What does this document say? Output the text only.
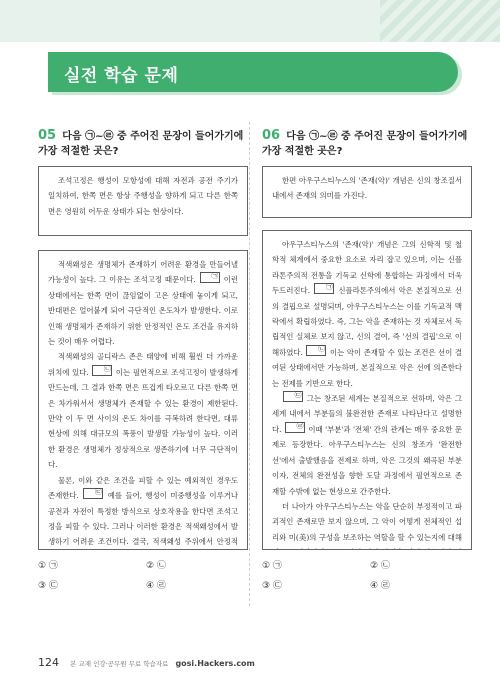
실전 학습 문제
05 다음 ㉠~㉣ 중 주어진 문장이 들어가기에 가장 적절한 곳은?

조석고정은 행성이 모항성에 대해 자전과 공전 주기가 일치하여, 한쪽 면은 항상 주행성을 향하게 되고 다른 한쪽 면은 영원히 어두운 상태가 되는 현상이다.

적색왜성은 생명체가 존재하기 어려운 환경을 만들어낼 가능성이 높다. 그 이유는 조석고정 때문이다.	㉠ 이런 상태에서는 한쪽 면이 끊임없이 고온 상태에 놓이게 되고, 반대편은 얼어붙게 되어 극단적인 온도차가 발생한다. 이로 인해 생명체가 존재하기 위한 안정적인 온도 조건을 유지하는 것이 매우 어렵다.

적색왜성의 골디락스 존은 태양에 비해 훨씬 더 가까운 위치에 있다.	㉡ 이는 필연적으로 조석고정이 발생하게 만드는데, 그 결과 한쪽 면은 뜨겁게 타오르고 다른 한쪽 면은 차가워서서 생명체가 존재할 수 있는 환경이 제한된다. 만약 이 두 면 사이의 온도 차이를 극복하려 한다면, 대류 현상에 의해 대규모의 폭풍이 발생할 가능성이 높다. 이러한 환경은 생명체가 정상적으로 생존하기에 너무 극단적이다.

물론, 이와 같은 조건을 피할 수 있는 예외적인 경우도 존재한다.	㉢ 예를 들어, 행성이 미중행성을 이루거나 공전과 자전이 특정한 방식으로 상호작용을 한다면 조석고정을 피할 수 있다. 그러나 이러한 환경은 적색왜성에서 발생하기 어려운 조건이다. 결국, 적색왜성 주위에서 안정적

① ㉠	② ㉡
③ ㉢	④ ㉣
06 다음 ㉠~㉣ 중 주어진 문장이 들어가기에 가장 적절한 곳은?

한편 아우구스티누스의 '존재(악)' 개념은 신의 창조질서 내에서 존재의 의미를 가진다.

아우구스티누스의 '존재(악)' 개념은 그의 신학적 및 철학적 체계에서 중요한 요소로 자리 잡고 있으며, 이는 신플라톤주의적 전통을 기독교 신학에 통합하는 과정에서 더욱 두드러진다.	㉠ 신플라톤주의에서 악은 본질적으로 선의 결핍으로 설명되며, 아우구스티누스는 이를 기독교적 맥락에서 확립하였다. 즉, 그는 악을 존재하는 것 자체로서 독립적인 실체로 보지 않고, 신의 결여, 즉 '선의 결핍'으로 이해하였다.	㉡ 이는 악이 존재할 수 있는 조건은 선이 결여된 상태에서만 가능하며, 본질적으로 악은 선에 의존한다는 전제를 기반으로 한다.

㉢ 그는 창조된 세계는 본질적으로 선하며, 악은 그 세계 내에서 부분들의 불완전한 존재로 나타난다고 설명한다.	㉣ 이때 '부분'과 '전체' 간의 관계는 매우 중요한 문제로 등장한다. 아우구스티누스는 신의 창조가 '완전한 선'에서 출발했음을 전제로 하며, 악은 그것의 왜곡된 부분이자, 전체의 완전성을 향한 도달 과정에서 필연적으로 존재할 수밖에 없는 현상으로 간주한다.

더 나아가 아우구스티누스는 악을 단순히 부정적이고 파괴적인 존재로만 보지 않으며, 그 악이 어떻게 전체적인 섭리와 미(美)의 구성을 보조하는 역할을 할 수 있는지에 대해

① ㉠	② ㉡
③ ㉢	④ ㉣
124 본 교재 인강·공무원 무료 학습자료 gosi.Hackers.com
